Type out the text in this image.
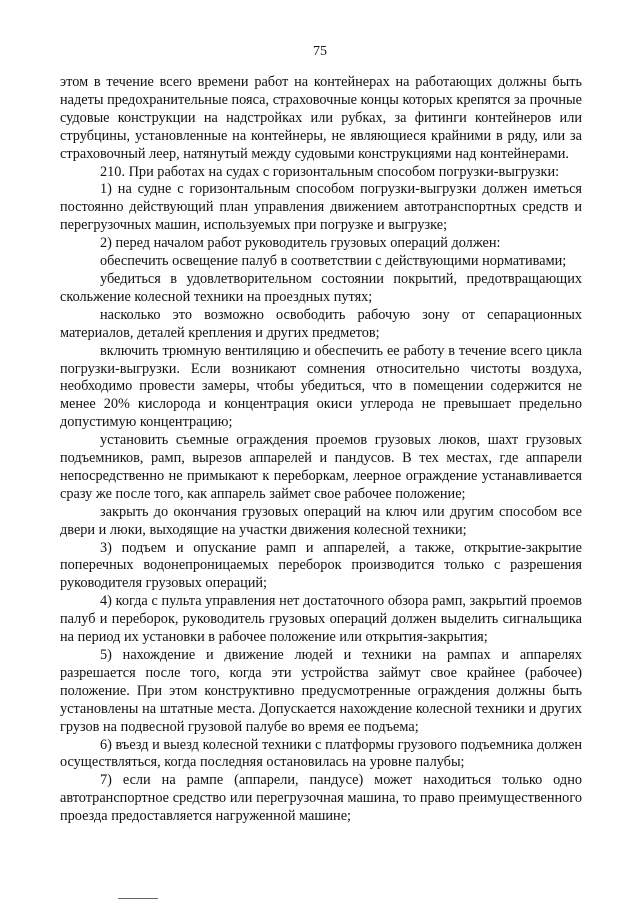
75

этом в течение всего времени работ на контейнерах на работающих должны быть надеты предохранительные пояса, страховочные концы которых крепятся за прочные судовые конструкции на надстройках или рубках, за фитинги контейнеров или струбцины, установленные на контейнеры, не являющиеся крайними в ряду, или за страховочный леер, натянутый между судовыми конструкциями над контейнерами.

210. При работах на судах с горизонтальным способом погрузки-выгрузки:

1) на судне с горизонтальным способом погрузки-выгрузки должен иметься постоянно действующий план управления движением автотранспортных средств и перегрузочных машин, используемых при погрузке и выгрузке;

2) перед началом работ руководитель грузовых операций должен:

обеспечить освещение палуб в соответствии с действующими нормативами;

убедиться в удовлетворительном состоянии покрытий, предотвращающих скольжение колесной техники на проездных путях;

насколько это возможно освободить рабочую зону от сепарационных материалов, деталей крепления и других предметов;

включить трюмную вентиляцию и обеспечить ее работу в течение всего цикла погрузки-выгрузки. Если возникают сомнения относительно чистоты воздуха, необходимо провести замеры, чтобы убедиться, что в помещении содержится не менее 20% кислорода и концентрация окиси углерода не превышает предельно допустимую концентрацию;

установить съемные ограждения проемов грузовых люков, шахт грузовых подъемников, рамп, вырезов аппарелей и пандусов. В тех местах, где аппарели непосредственно не примыкают к переборкам, леерное ограждение устанавливается сразу же после того, как аппарель займет свое рабочее положение;

закрыть до окончания грузовых операций на ключ или другим способом все двери и люки, выходящие на участки движения колесной техники;

3) подъем и опускание рамп и аппарелей, а также, открытие-закрытие поперечных водонепроницаемых переборок производится только с разрешения руководителя грузовых операций;

4) когда с пульта управления нет достаточного обзора рамп, закрытий проемов палуб и переборок, руководитель грузовых операций должен выделить сигнальщика на период их установки в рабочее положение или открытия-закрытия;

5) нахождение и движение людей и техники на рампах и аппарелях разрешается после того, когда эти устройства займут свое крайнее (рабочее) положение. При этом конструктивно предусмотренные ограждения должны быть установлены на штатные места. Допускается нахождение колесной техники и других грузов на подвесной грузовой палубе во время ее подъема;

6) въезд и выезд колесной техники с платформы грузового подъемника должен осуществляться, когда последняя остановилась на уровне палубы;

7) если на рампе (аппарели, пандусе) может находиться только одно автотранспортное средство или перегрузочная машина, то право преимущественного проезда предоставляется нагруженной машине;
